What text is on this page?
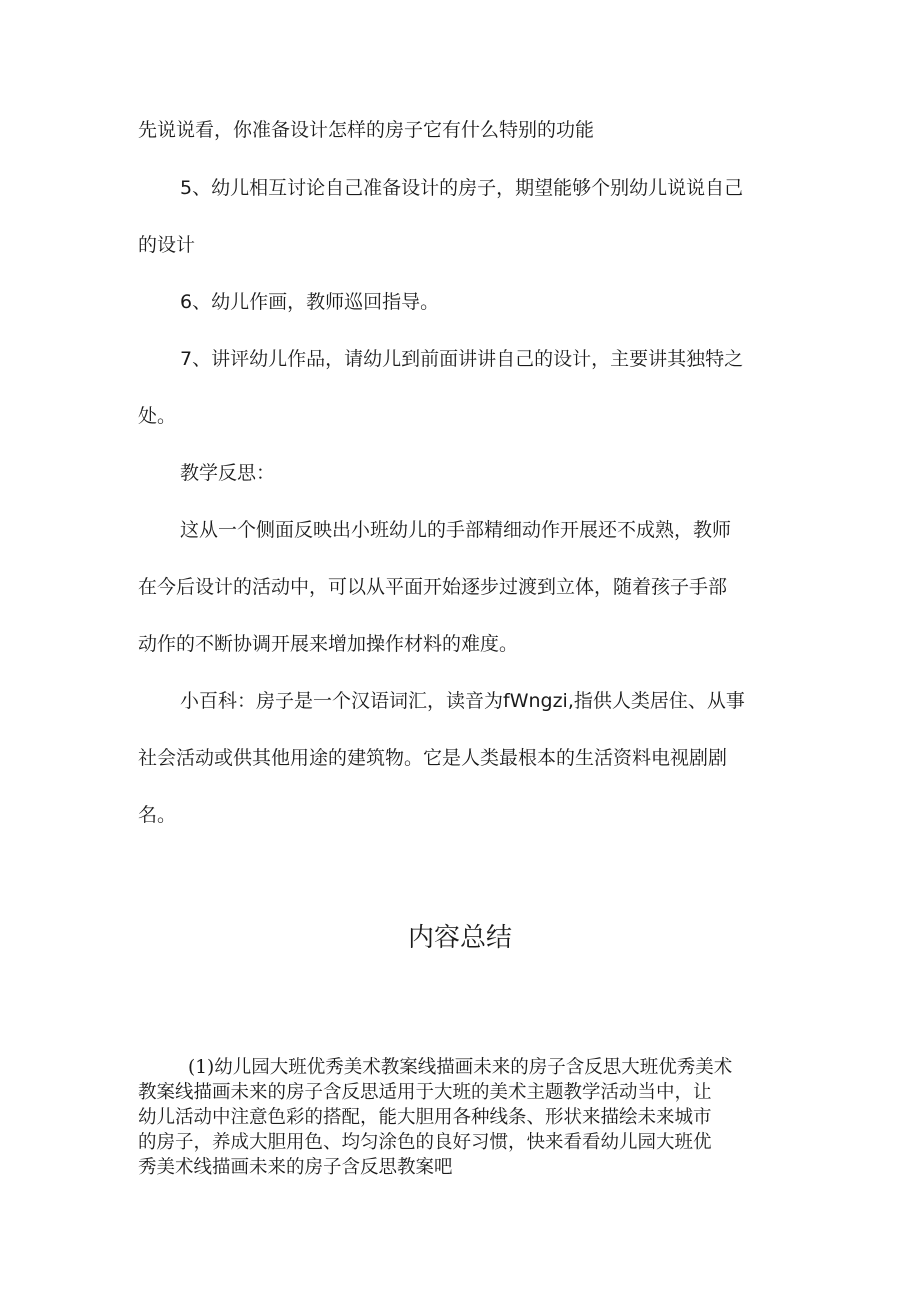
先说说看，你准备设计怎样的房子它有什么特别的功能
5、幼儿相互讨论自己准备设计的房子，期望能够个别幼儿说说自己
的设计
6、幼儿作画，教师巡回指导。
7、讲评幼儿作品，请幼儿到前面讲讲自己的设计，主要讲其独特之
处。
教学反思：
这从一个侧面反映出小班幼儿的手部精细动作开展还不成熟，教师
在今后设计的活动中，可以从平面开始逐步过渡到立体，随着孩子手部
动作的不断协调开展来增加操作材料的难度。
小百科：房子是一个汉语词汇，读音为fWngzi,指供人类居住、从事
社会活动或供其他用途的建筑物。它是人类最根本的生活资料电视剧剧
名。
内容总结
(1)幼儿园大班优秀美术教案线描画未来的房子含反思大班优秀美术
教案线描画未来的房子含反思适用于大班的美术主题教学活动当中，让
幼儿活动中注意色彩的搭配，能大胆用各种线条、形状来描绘未来城市
的房子，养成大胆用色、均匀涂色的良好习惯，快来看看幼儿园大班优
秀美术线描画未来的房子含反思教案吧
